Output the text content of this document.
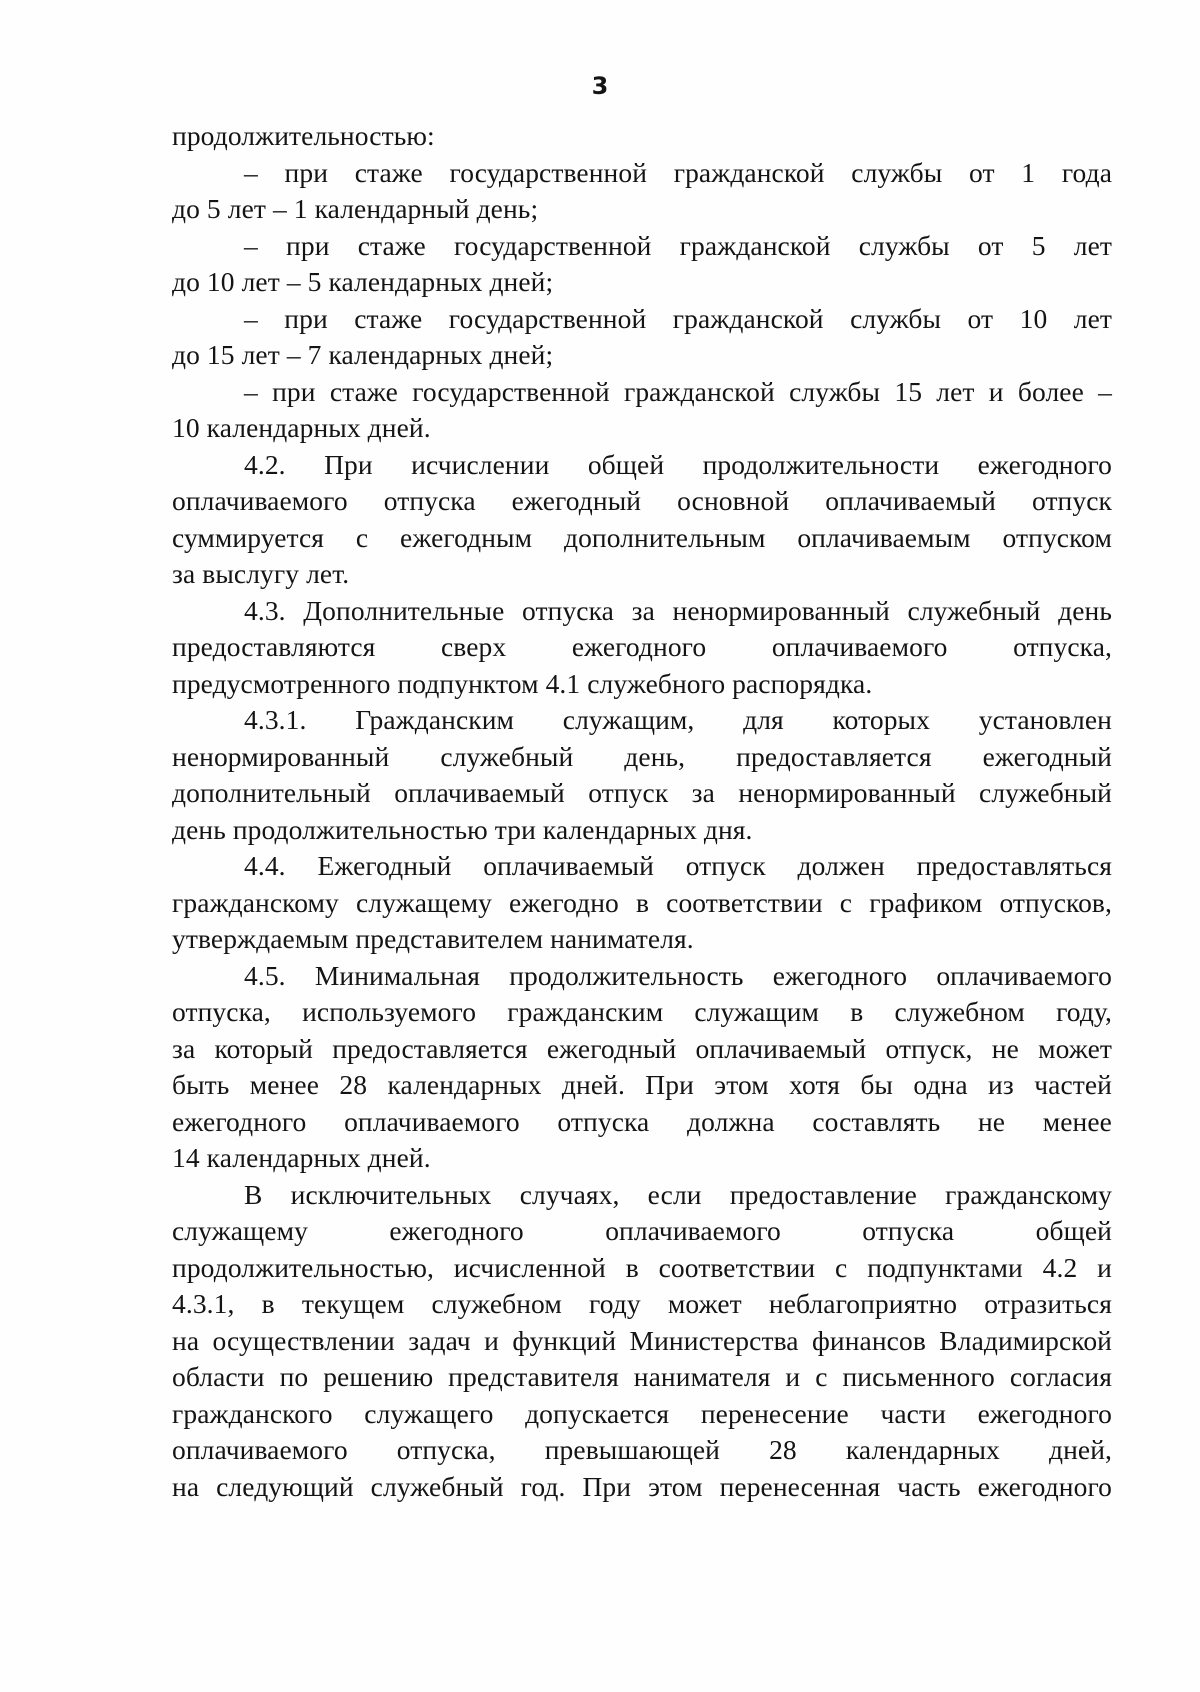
3
продолжительностью:
– при стаже государственной гражданской службы от 1 года
до 5 лет – 1 календарный день;
– при стаже государственной гражданской службы от 5 лет
до 10 лет – 5 календарных дней;
– при стаже государственной гражданской службы от 10 лет
до 15 лет – 7 календарных дней;
– при стаже государственной гражданской службы 15 лет и более –
10 календарных дней.
4.2. При исчислении общей продолжительности ежегодного
оплачиваемого отпуска ежегодный основной оплачиваемый отпуск
суммируется с ежегодным дополнительным оплачиваемым отпуском
за выслугу лет.
4.3. Дополнительные отпуска за ненормированный служебный день
предоставляются сверх ежегодного оплачиваемого отпуска,
предусмотренного подпунктом 4.1 служебного распорядка.
4.3.1. Гражданским служащим, для которых установлен
ненормированный служебный день, предоставляется ежегодный
дополнительный оплачиваемый отпуск за ненормированный служебный
день продолжительностью три календарных дня.
4.4. Ежегодный оплачиваемый отпуск должен предоставляться
гражданскому служащему ежегодно в соответствии с графиком отпусков,
утверждаемым представителем нанимателя.
4.5. Минимальная продолжительность ежегодного оплачиваемого
отпуска, используемого гражданским служащим в служебном году,
за который предоставляется ежегодный оплачиваемый отпуск, не может
быть менее 28 календарных дней. При этом хотя бы одна из частей
ежегодного оплачиваемого отпуска должна составлять не менее
14 календарных дней.
В исключительных случаях, если предоставление гражданскому
служащему ежегодного оплачиваемого отпуска общей
продолжительностью, исчисленной в соответствии с подпунктами 4.2 и
4.3.1, в текущем служебном году может неблагоприятно отразиться
на осуществлении задач и функций Министерства финансов Владимирской
области по решению представителя нанимателя и с письменного согласия
гражданского служащего допускается перенесение части ежегодного
оплачиваемого отпуска, превышающей 28 календарных дней,
на следующий служебный год. При этом перенесенная часть ежегодного
